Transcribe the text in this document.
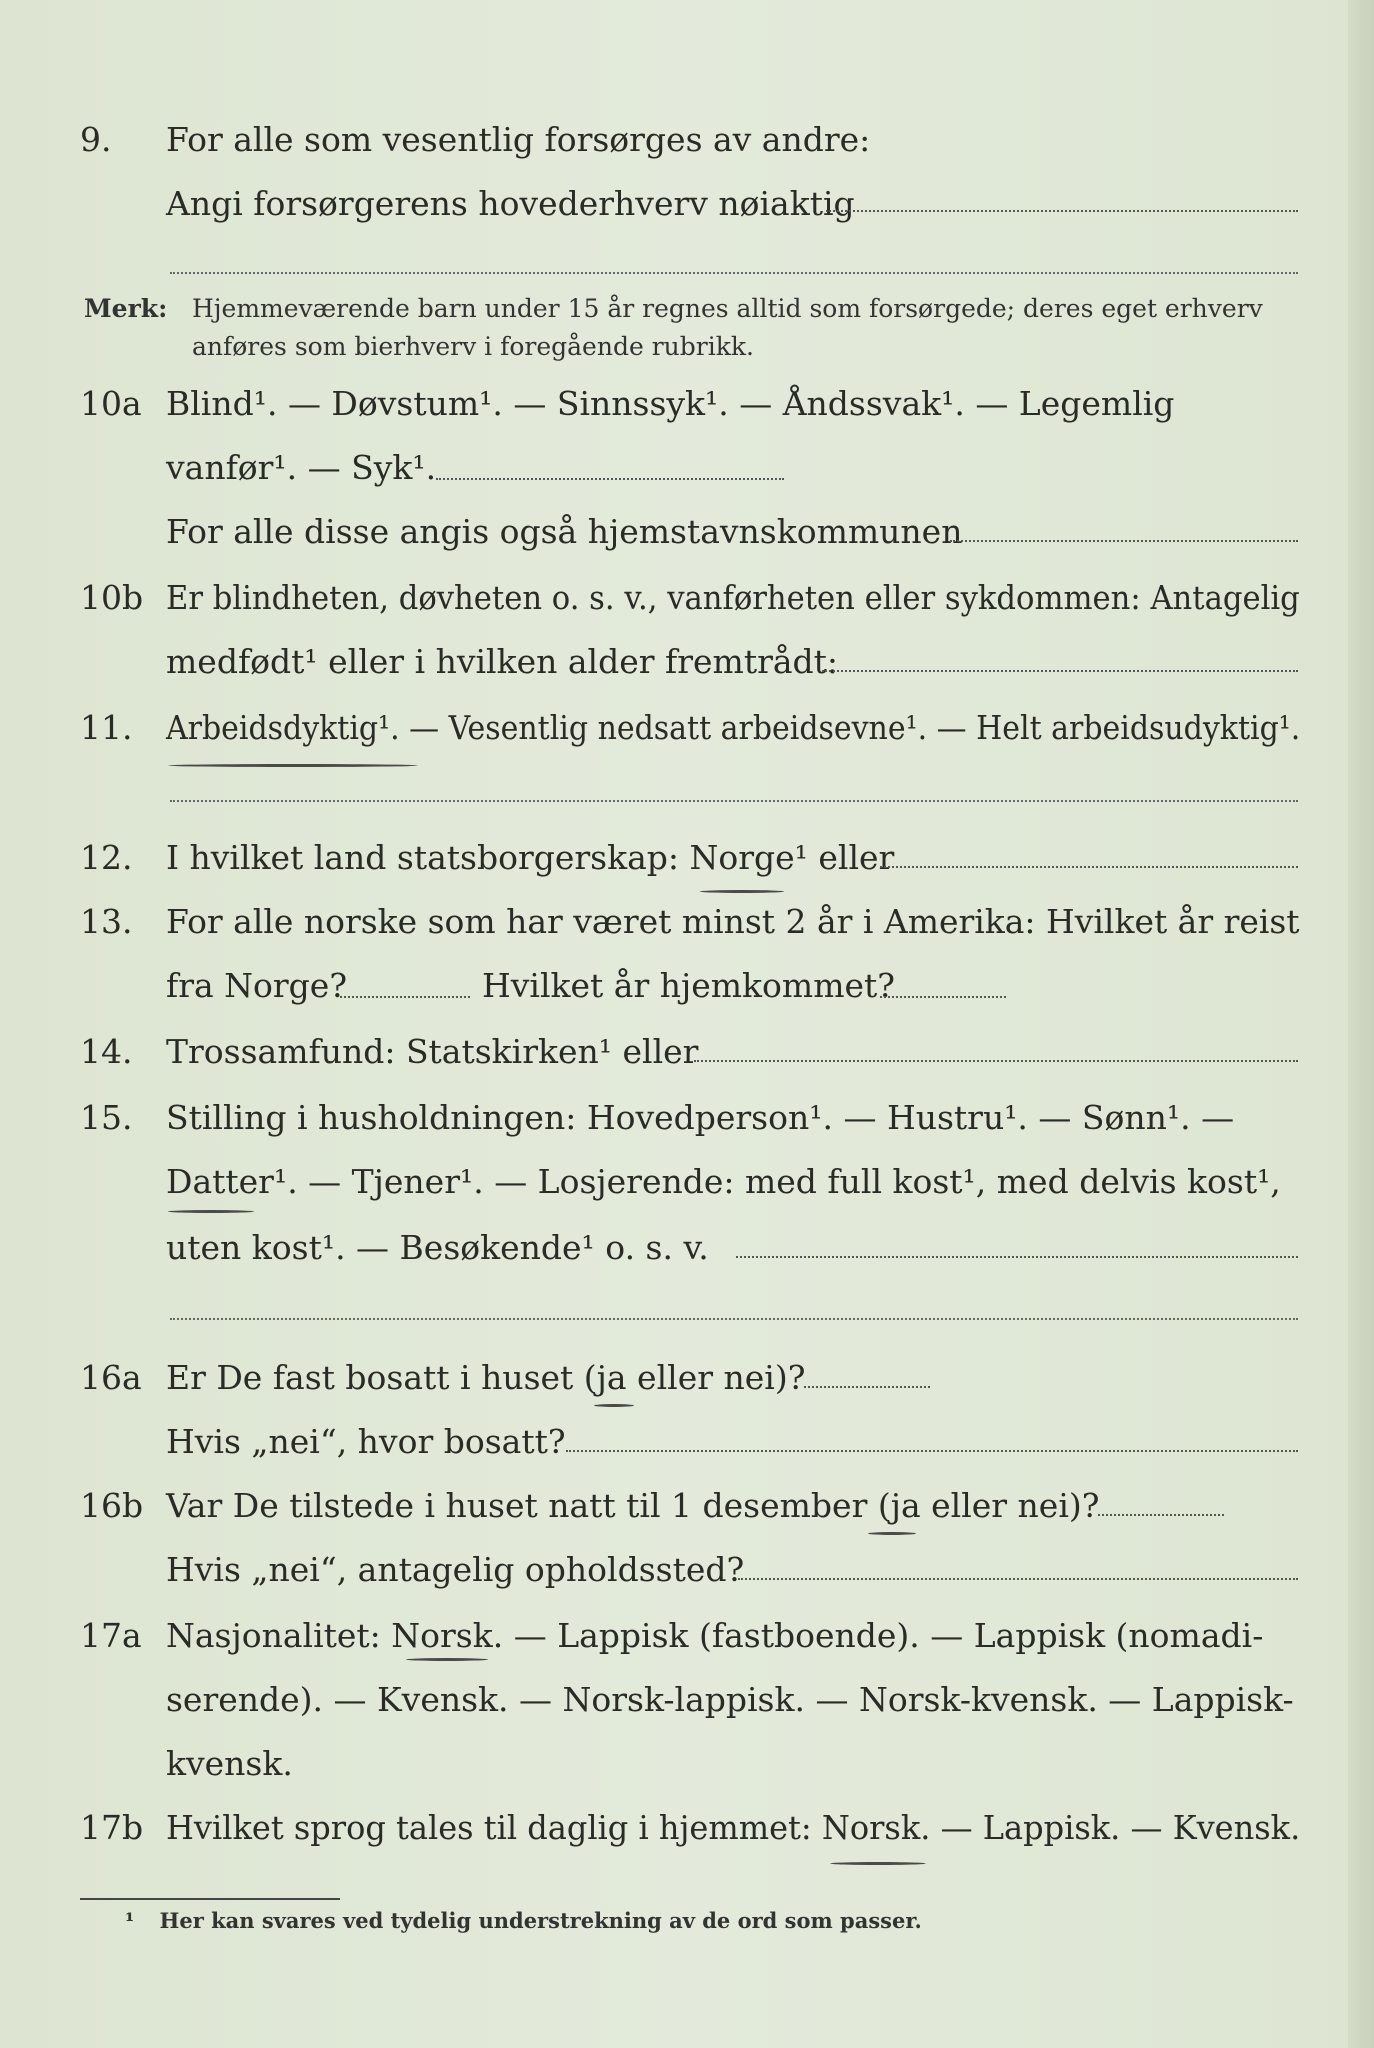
9.	For alle som vesentlig forsørges av andre:
Angi forsørgerens hovederhverv nøiaktig
Merk: Hjemmeværende barn under 15 år regnes alltid som forsørgede; deres eget erhverv anføres som bierhverv i foregående rubrikk.
10a Blind¹. — Døvstum¹. — Sinnssyk¹. — Åndssvak¹. — Legemlig
vanfør¹. — Syk¹.
For alle disse angis også hjemstavnskommunen
10b Er blindheten, døvheten o. s. v., vanførheten eller sykdommen: Antagelig
medfødt¹ eller i hvilken alder fremtrådt:
11.	Arbeidsdyktig¹. — Vesentlig nedsatt arbeidsevne¹. — Helt arbeidsudyktig¹.
12.	I hvilket land statsborgerskap: Norge¹ eller
13.	For alle norske som har været minst 2 år i Amerika: Hvilket år reist
fra Norge?	Hvilket år hjemkommet?
14.	Trossamfund: Statskirken¹ eller
15.	Stilling i husholdningen: Hovedperson¹. — Hustru¹. — Sønn¹. —
Datter¹. — Tjener¹. — Losjerende: med full kost¹, med delvis kost¹,
uten kost¹. — Besøkende¹ o. s. v.
16a Er De fast bosatt i huset (ja eller nei)?
Hvis „nei“, hvor bosatt?
16b Var De tilstede i huset natt til 1 desember (ja eller nei)?
Hvis „nei“, antagelig opholdssted?
17a Nasjonalitet: Norsk. — Lappisk (fastboende). — Lappisk (nomadi-
serende). — Kvensk. — Norsk-lappisk. — Norsk-kvensk. — Lappisk-
kvensk.
17b Hvilket sprog tales til daglig i hjemmet: Norsk. — Lappisk. — Kvensk.
¹ Her kan svares ved tydelig understrekning av de ord som passer.
